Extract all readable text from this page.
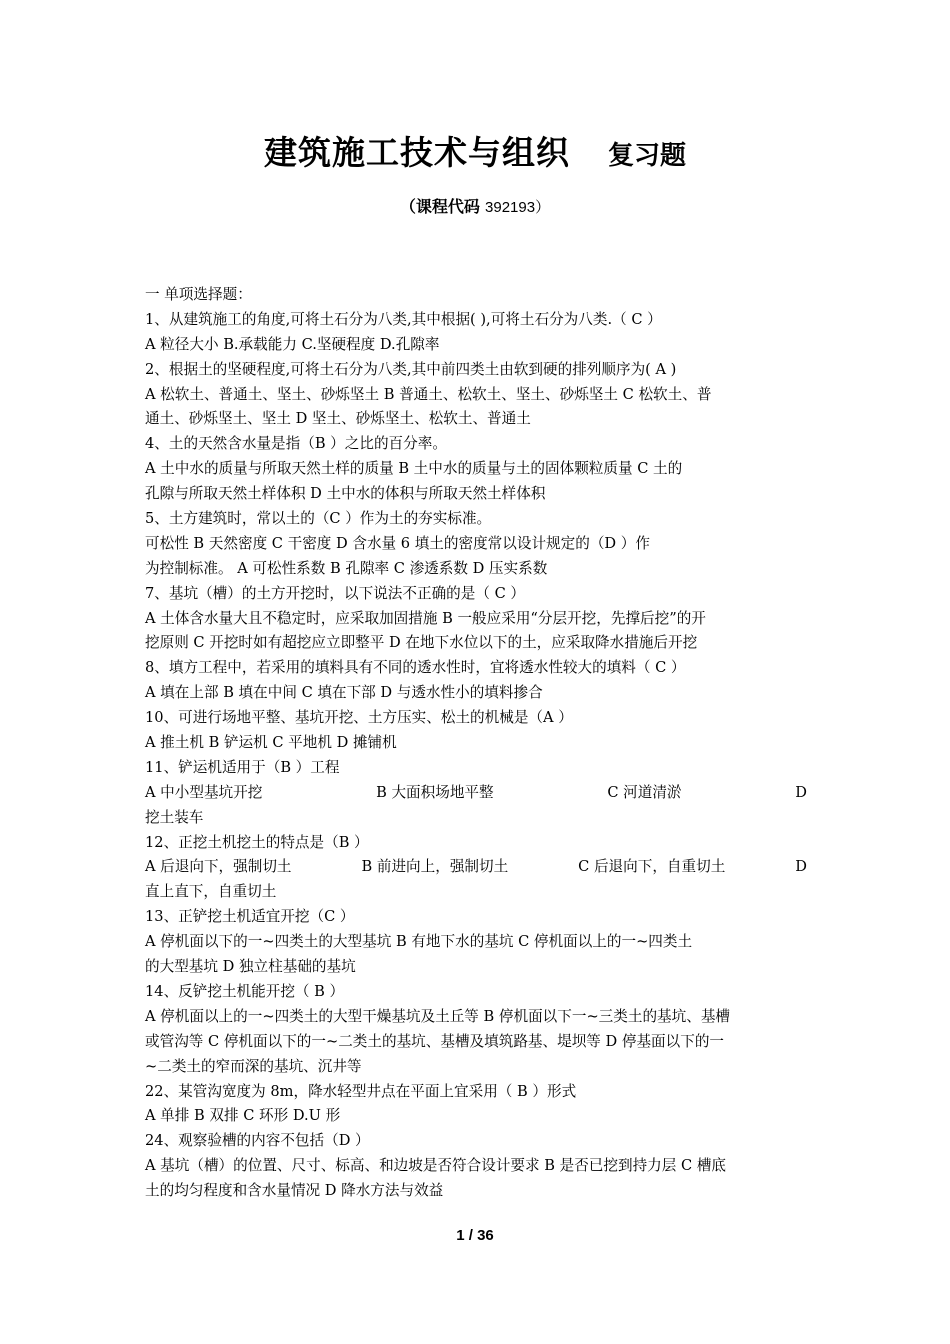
建筑施工技术与组织 复习题
（课程代码 392193）
一 单项选择题：
1、从建筑施工的角度,可将土石分为八类,其中根据( ),可将土石分为八类.（ C ）
A 粒径大小 B.承载能力 C.坚硬程度 D.孔隙率
2、根据土的坚硬程度,可将土石分为八类,其中前四类土由软到硬的排列顺序为( A )
A 松软土、普通土、坚土、砂烁坚土 B 普通土、松软土、坚土、砂烁坚土 C 松软土、普
通土、砂烁坚土、坚土 D 坚土、砂烁坚土、松软土、普通土
4、土的天然含水量是指（B ）之比的百分率。
A 土中水的质量与所取天然土样的质量 B 土中水的质量与土的固体颗粒质量 C 土的
孔隙与所取天然土样体积 D 土中水的体积与所取天然土样体积
5、土方建筑时，常以土的（C ）作为土的夯实标准。
可松性 B 天然密度 C 干密度 D 含水量 6 填土的密度常以设计规定的（D ）作
为控制标准。 A 可松性系数 B 孔隙率 C 渗透系数 D 压实系数
7、基坑（槽）的土方开挖时，以下说法不正确的是（ C ）
A 土体含水量大且不稳定时，应采取加固措施 B 一般应采用“分层开挖，先撑后挖”的开
挖原则 C 开挖时如有超挖应立即整平 D 在地下水位以下的土，应采取降水措施后开挖
8、填方工程中，若采用的填料具有不同的透水性时，宜将透水性较大的填料（ C ）
A 填在上部 B 填在中间 C 填在下部 D 与透水性小的填料掺合
10、可进行场地平整、基坑开挖、土方压实、松土的机械是（A ）
A 推土机 B 铲运机 C 平地机 D 摊铺机
11、铲运机适用于（B ）工程
A 中小型基坑开挖	B 大面积场地平整	C 河道清淤	D
挖土装车
12、正挖土机挖土的特点是（B ）
A 后退向下，强制切土	B 前进向上，强制切土	C 后退向下，自重切土	D
直上直下，自重切土
13、正铲挖土机适宜开挖（C ）
A 停机面以下的一~四类土的大型基坑 B 有地下水的基坑 C 停机面以上的一~四类土
的大型基坑 D 独立柱基础的基坑
14、反铲挖土机能开挖（ B ）
A 停机面以上的一~四类土的大型干燥基坑及土丘等 B 停机面以下一~三类土的基坑、基槽
或管沟等 C 停机面以下的一~二类土的基坑、基槽及填筑路基、堤坝等 D 停基面以下的一
~二类土的窄而深的基坑、沉井等
22、某管沟宽度为 8m，降水轻型井点在平面上宜采用（ B ）形式
A 单排 B 双排 C 环形 D.U 形
24、观察验槽的内容不包括（D ）
A 基坑（槽）的位置、尺寸、标高、和边坡是否符合设计要求 B 是否已挖到持力层 C 槽底
土的均匀程度和含水量情况 D 降水方法与效益
1 / 36
